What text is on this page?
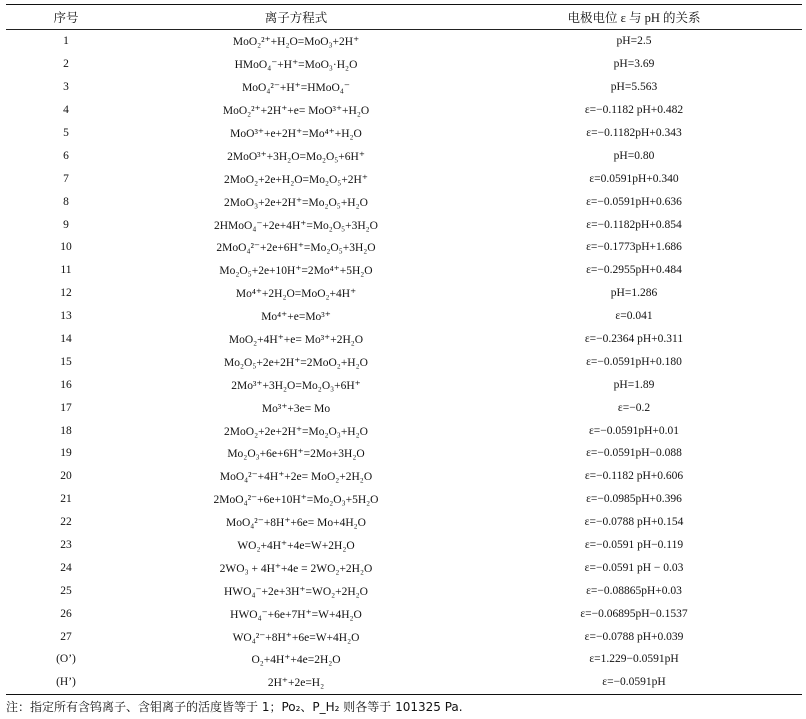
序号	离子方程式	电极电位 ε 与 pH 的关系
1	MoO₂²⁺+H₂O=MoO₃+2H⁺	pH=2.5
2	HMoO₄⁻+H⁺=MoO₃·H₂O	pH=3.69
3	MoO₄²⁻+H⁺=HMoO₄⁻	pH=5.563
4	MoO₂²⁺+2H⁺+e= MoO³⁺+H₂O	ε=−0.1182 pH+0.482
5	MoO³⁺+e+2H⁺=Mo⁴⁺+H₂O	ε=−0.1182pH+0.343
6	2MoO³⁺+3H₂O=Mo₂O₅+6H⁺	pH=0.80
7	2MoO₂+2e+H₂O=Mo₂O₅+2H⁺	ε=0.0591pH+0.340
8	2MoO₃+2e+2H⁺=Mo₂O₅+H₂O	ε=−0.0591pH+0.636
9	2HMoO₄⁻+2e+4H⁺=Mo₂O₅+3H₂O	ε=−0.1182pH+0.854
10	2MoO₄²⁻+2e+6H⁺=Mo₂O₅+3H₂O	ε=−0.1773pH+1.686
11	Mo₂O₅+2e+10H⁺=2Mo⁴⁺+5H₂O	ε=−0.2955pH+0.484
12	Mo⁴⁺+2H₂O=MoO₂+4H⁺	pH=1.286
13	Mo⁴⁺+e=Mo³⁺	ε=0.041
14	MoO₂+4H⁺+e= Mo³⁺+2H₂O	ε=−0.2364 pH+0.311
15	Mo₂O₅+2e+2H⁺=2MoO₂+H₂O	ε=−0.0591pH+0.180
16	2Mo³⁺+3H₂O=Mo₂O₃+6H⁺	pH=1.89
17	Mo³⁺+3e= Mo	ε=−0.2
18	2MoO₂+2e+2H⁺=Mo₂O₃+H₂O	ε=−0.0591pH+0.01
19	Mo₂O₃+6e+6H⁺=2Mo+3H₂O	ε=−0.0591pH−0.088
20	MoO₄²⁻+4H⁺+2e= MoO₂+2H₂O	ε=−0.1182 pH+0.606
21	2MoO₄²⁻+6e+10H⁺=Mo₂O₃+5H₂O	ε=−0.0985pH+0.396
22	MoO₄²⁻+8H⁺+6e= Mo+4H₂O	ε=−0.0788 pH+0.154
23	WO₂+4H⁺+4e=W+2H₂O	ε=−0.0591 pH−0.119
24	2WO₃ + 4H⁺+4e = 2WO₂+2H₂O	ε=−0.0591 pH − 0.03
25	HWO₄⁻+2e+3H⁺=WO₂+2H₂O	ε=−0.08865pH+0.03
26	HWO₄⁻+6e+7H⁺=W+4H₂O	ε=−0.06895pH−0.1537
27	WO₄²⁻+8H⁺+6e=W+4H₂O	ε=−0.0788 pH+0.039
(O’)	O₂+4H⁺+4e=2H₂O	ε=1.229−0.0591pH
(H’)	2H⁺+2e=H₂	ε=−0.0591pH
注：指定所有含钨离子、含钼离子的活度皆等于 1；Po₂、P_H₂ 则各等于 101325 Pa.
